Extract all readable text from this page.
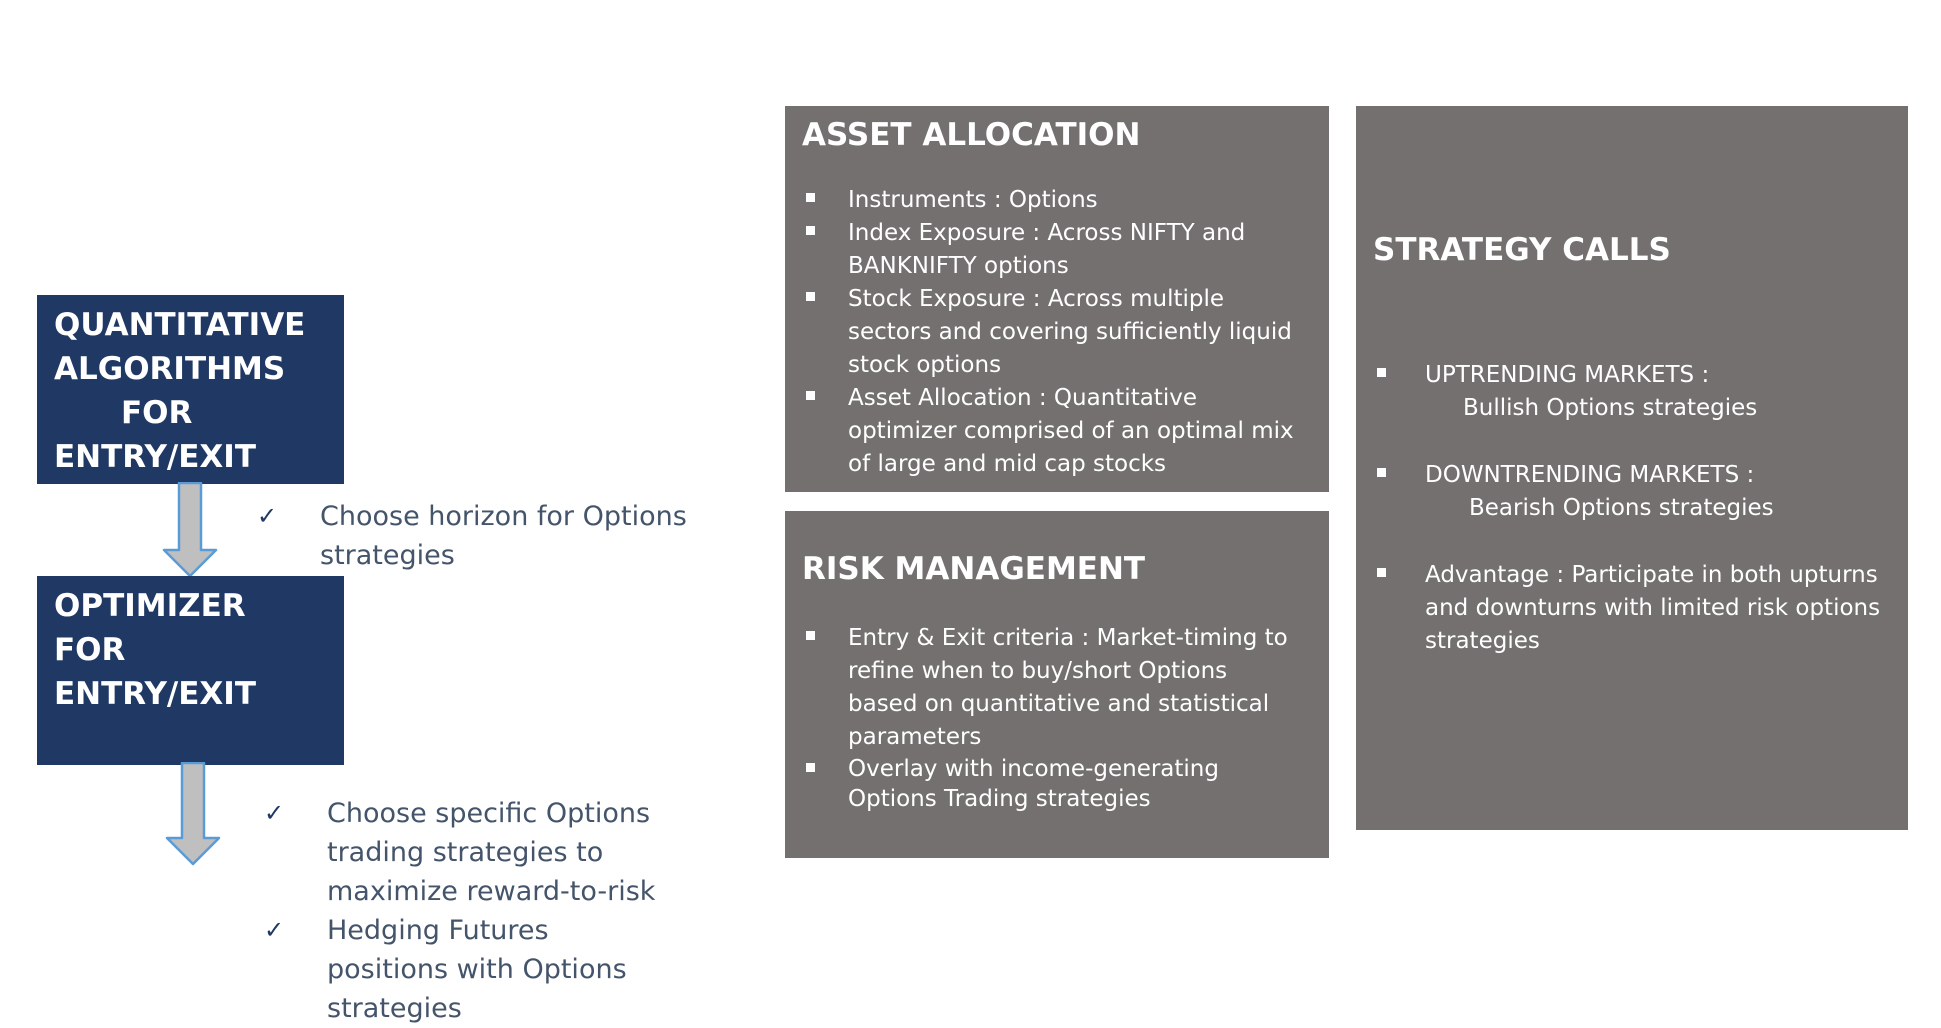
QUANTITATIVE
ALGORITHMS
FOR
ENTRY/EXIT
✓ Choose horizon for Options
strategies
OPTIMIZER
FOR
ENTRY/EXIT
✓ Choose specific Options
trading strategies to
maximize reward-to-risk
✓ Hedging Futures
positions with Options
strategies
ASSET ALLOCATION
Instruments : Options
Index Exposure : Across NIFTY and
BANKNIFTY options
Stock Exposure : Across multiple
sectors and covering sufficiently liquid
stock options
Asset Allocation : Quantitative
optimizer comprised of an optimal mix
of large and mid cap stocks
RISK MANAGEMENT
Entry & Exit criteria : Market-timing to
refine when to buy/short Options
based on quantitative and statistical
parameters
Overlay with income-generating
Options Trading strategies
STRATEGY CALLS
UPTRENDING MARKETS :
Bullish Options strategies
DOWNTRENDING MARKETS :
Bearish Options strategies
Advantage : Participate in both upturns
and downturns with limited risk options
strategies
